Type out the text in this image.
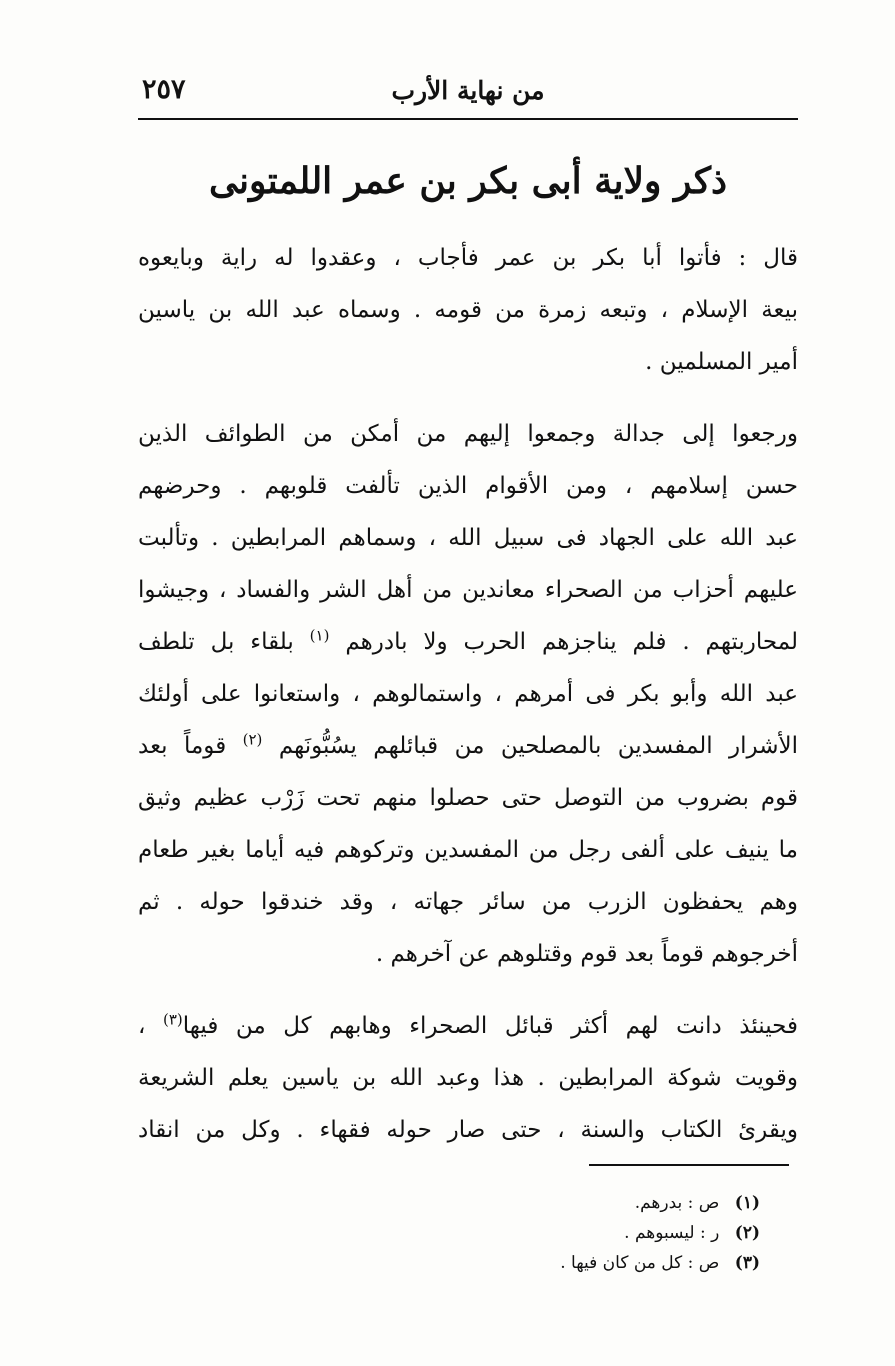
من نهاية الأرب
٢٥٧
ذكر ولاية أبى بكر بن عمر اللمتونى
قال : فأتوا أبا بكر بن عمر فأجاب ، وعقدوا له راية وبايعوه
بيعة الإسلام ، وتبعه زمرة من قومه . وسماه عبد الله بن ياسين
أمير المسلمين .
ورجعوا إلى جدالة وجمعوا إليهم من أمكن من الطوائف الذين
حسن إسلامهم ، ومن الأقوام الذين تألفت قلوبهم . وحرضهم
عبد الله على الجهاد فى سبيل الله ، وسماهم المرابطين . وتألبت
عليهم أحزاب من الصحراء معاندين من أهل الشر والفساد ، وجيشوا
لمحاربتهم . فلم يناجزهم الحرب ولا بادرهم $^{(١)}$ بلقاء بل تلطف
عبد الله وأبو بكر فى أمرهم ، واستمالوهم ، واستعانوا على أولئك
الأشرار المفسدين بالمصلحين من قبائلهم يسُبُّونَهم $^{(٢)}$ قوماً بعد
قوم بضروب من التوصل حتى حصلوا منهم تحت زَرْب عظيم وثيق
ما ينيف على ألفى رجل من المفسدين وتركوهم فيه أياما بغير طعام
وهم يحفظون الزرب من سائر جهاته ، وقد خندقوا حوله . ثم
أخرجوهم قوماً بعد قوم وقتلوهم عن آخرهم .
فحينئذ دانت لهم أكثر قبائل الصحراء وهابهم كل من فيها$^{(٣)}$ ،
وقويت شوكة المرابطين . هذا وعبد الله بن ياسين يعلم الشريعة
ويقرئ الكتاب والسنة ، حتى صار حوله فقهاء . وكل من انقاد
(١) ص : بدرهم.
(٢) ر : ليسبوهم .
(٣) ص : كل من كان فيها .
